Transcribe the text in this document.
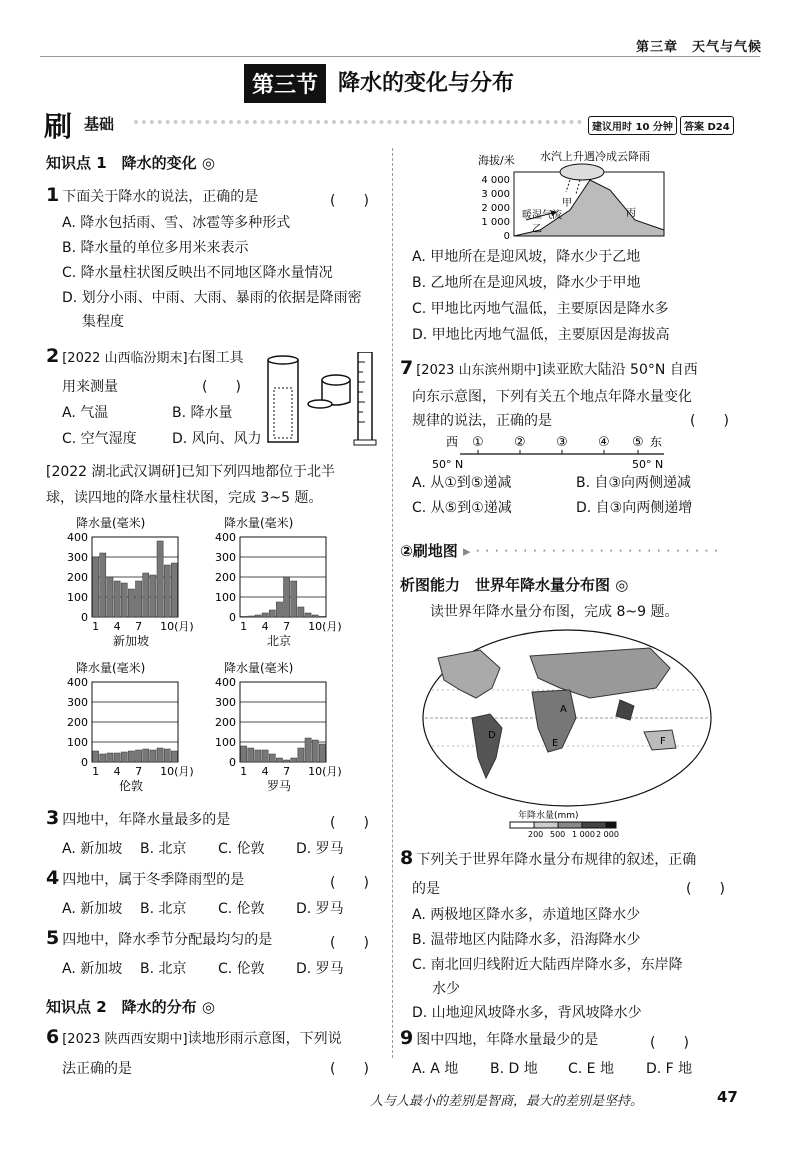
第三章　 天气与气候
第三节 降水的变化与分布
刷 基础	建议用时 10 分钟	答案 D24
知识点 1　降水的变化 ◎
1 下面关于降水的说法，正确的是	(　　)
A. 降水包括雨、雪、冰雹等多种形式
B. 降水量的单位多用米来表示
C. 降水量柱状图反映出不同地区降水量情况
D. 划分小雨、中雨、大雨、暴雨的依据是降雨密
集程度
2 [2022 山西临汾期末]右图工具
用来测量	(　　)
A. 气温	B. 降水量
C. 空气湿度	D. 风向、风力
[2022 湖北武汉调研]已知下列四地都位于北半
球，读四地的降水量柱状图，完成 3~5 题。
降水量(毫米)
400
300
200
100
0
1 4 7 10(月)
新加坡
降水量(毫米)
400
300
200
100
0
1 4 7 10(月)
北京
降水量(毫米)
400
300
200
100
0
1 4 7 10(月)
伦敦
降水量(毫米)
400
300
200
100
0
1 4 7 10(月)
罗马
3 四地中，年降水量最多的是	(　　)
A. 新加坡 B. 北京 C. 伦敦 D. 罗马
4 四地中，属于冬季降雨型的是	(　　)
A. 新加坡 B. 北京 C. 伦敦 D. 罗马
5 四地中，降水季节分配最均匀的是	(　　)
A. 新加坡 B. 北京 C. 伦敦 D. 罗马
知识点 2　降水的分布 ◎
6 [2023 陕西西安期中]读地形雨示意图，下列说
法正确的是	(　　)
海拔/米 水汽上升遇冷成云降雨
4 000
3 000
2 000
1 000
0
暖湿气流
甲
乙
丙
A. 甲地所在是迎风坡，降水少于乙地
B. 乙地所在是迎风坡，降水少于甲地
C. 甲地比丙地气温低，主要原因是降水多
D. 甲地比丙地气温低，主要原因是海拔高
7 [2023 山东滨州期中]读亚欧大陆沿 50°N 自西
向东示意图，下列有关五个地点年降水量变化
规律的说法，正确的是	(　　)
西	东
① ② ③ ④ ⑤
50° N	50° N
A. 从①到⑤递减	B. 自③向两侧递减
C. 从⑤到①递减	D. 自③向两侧递增
②刷地图 ▸ · · · · · · · · · · · · · · · · · · · · · · · · · ·
析图能力　世界年降水量分布图 ◎
读世界年降水量分布图，完成 8~9 题。
A
D
E	F
年降水量(mm)
200 500 1 000 2 000
8 下列关于世界年降水量分布规律的叙述，正确
的是	(　　)
A. 两极地区降水多，赤道地区降水少
B. 温带地区内陆降水多，沿海降水少
C. 南北回归线附近大陆西岸降水多，东岸降
水少
D. 山地迎风坡降水多，背风坡降水少
9 图中四地，年降水量最少的是	(　　)
A. A 地 B. D 地 C. E 地 D. F 地
人与人最小的差别是智商，最大的差别是坚持。	47
